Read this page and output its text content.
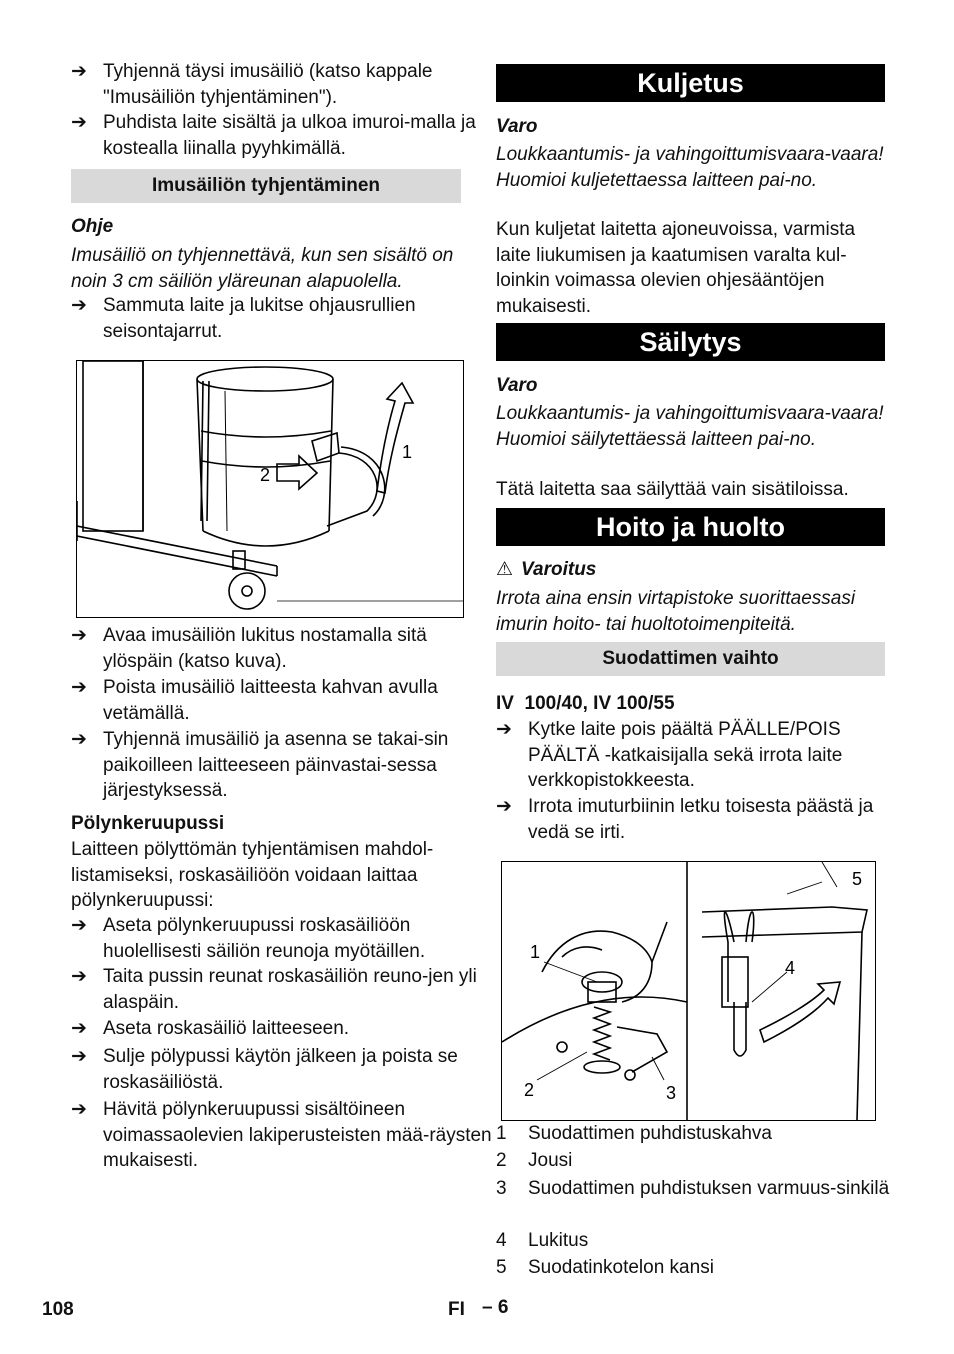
➔ Tyhjennä täysi imusäiliö (katso kappale "Imusäiliön tyhjentäminen").
➔ Puhdista laite sisältä ja ulkoa imuroi-malla ja kostealla liinalla pyyhkimällä.
Imusäiliön tyhjentäminen
Ohje
Imusäiliö on tyhjennettävä, kun sen sisältö on noin 3 cm säiliön yläreunan alapuolella.
➔ Sammuta laite ja lukitse ohjausrullien seisontajarrut.
1
2
➔ Avaa imusäiliön lukitus nostamalla sitä ylöspäin (katso kuva).
➔ Poista imusäiliö laitteesta kahvan avulla vetämällä.
➔ Tyhjennä imusäiliö ja asenna se takai-sin paikoilleen laitteeseen päinvastai-sessa järjestyksessä.
Pölynkeruupussi
Laitteen pölyttömän tyhjentämisen mahdol-listamiseksi, roskasäiliöön voidaan laittaa pölynkeruupussi:
➔ Aseta pölynkeruupussi roskasäiliöön huolellisesti säiliön reunoja myötäillen.
➔ Taita pussin reunat roskasäiliön reuno-jen yli alaspäin.
➔ Aseta roskasäiliö laitteeseen.
➔ Sulje pölypussi käytön jälkeen ja poista se roskasäiliöstä.
➔ Hävitä pölynkeruupussi sisältöineen voimassaolevien lakiperusteisten mää-räysten mukaisesti.
Kuljetus
Varo
Loukkaantumis- ja vahingoittumisvaara-vaara! Huomioi kuljetettaessa laitteen pai-no.
Kun kuljetat laitetta ajoneuvoissa, varmista laite liukumisen ja kaatumisen varalta kul-loinkin voimassa olevien ohjesääntöjen mukaisesti.
Säilytys
Varo
Loukkaantumis- ja vahingoittumisvaara-vaara! Huomioi säilytettäessä laitteen pai-no.
Tätä laitetta saa säilyttää vain sisätiloissa.
Hoito ja huolto
⚠ Varoitus
Irrota aina ensin virtapistoke suorittaessasi imurin hoito- tai huoltotoimenpiteitä.
Suodattimen vaihto
IV  100/40, IV 100/55
➔ Kytke laite pois päältä PÄÄLLE/POIS PÄÄLTÄ -katkaisijalla sekä irrota laite verkkopistokkeesta.
➔ Irrota imuturbiinin letku toisesta päästä ja vedä se irti.
1
2	3
4
5
1 Suodattimen puhdistuskahva
2 Jousi
3 Suodattimen puhdistuksen varmuus-sinkilä
4 Lukitus
5 Suodatinkotelon kansi
108	FI – 6
